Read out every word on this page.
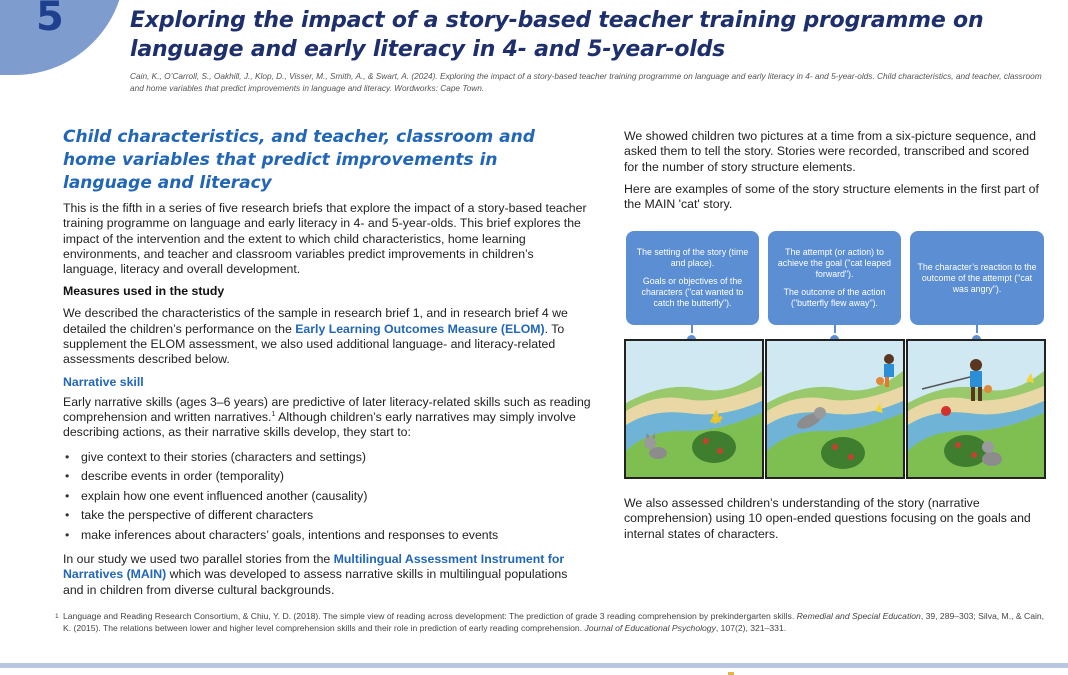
5	Exploring the impact of a story-based teacher training programme on language and early literacy in 4- and 5-year-olds

Cain, K., O’Carroll, S., Oakhill, J., Klop, D., Visser, M., Smith, A., & Swart, A. (2024). Exploring the impact of a story-based teacher training programme on language and early literacy in 4- and 5-year-olds. Child characteristics, and teacher, classroom and home variables that predict improvements in language and literacy. Wordworks: Cape Town.

Child characteristics, and teacher, classroom and home variables that predict improvements in language and literacy

This is the fifth in a series of five research briefs that explore the impact of a story-based teacher training programme on language and early literacy in 4- and 5-year-olds. This brief explores the impact of the intervention and the extent to which child characteristics, home learning environments, and teacher and classroom variables predict improvements in children’s language, literacy and overall development.

Measures used in the study

We described the characteristics of the sample in research brief 1, and in research brief 4 we detailed the children’s performance on the Early Learning Outcomes Measure (ELOM). To supplement the ELOM assessment, we also used additional language- and literacy-related assessments described below.

Narrative skill

Early narrative skills (ages 3–6 years) are predictive of later literacy-related skills such as reading comprehension and written narratives.$^1$ Although children’s early narratives may simply involve describing actions, as their narrative skills develop, they start to:

• give context to their stories (characters and settings)
• describe events in order (temporality)
• explain how one event influenced another (causality)
• take the perspective of different characters
• make inferences about characters’ goals, intentions and responses to events

In our study we used two parallel stories from the Multilingual Assessment Instrument for Narratives (MAIN) which was developed to assess narrative skills in multilingual populations and in children from diverse cultural backgrounds.

We showed children two pictures at a time from a six-picture sequence, and asked them to tell the story. Stories were recorded, transcribed and scored for the number of story structure elements.

Here are examples of some of the story structure elements in the first part of the MAIN 'cat' story.

The setting of the story (time and place).
Goals or objectives of the characters ("cat wanted to catch the butterfly").
The attempt (or action) to achieve the goal ("cat leaped forward").
The outcome of the action ("butterfly flew away").
The character’s reaction to the outcome of the attempt ("cat was angry").

We also assessed children’s understanding of the story (narrative comprehension) using 10 open-ended questions focusing on the goals and internal states of characters.

1 Language and Reading Research Consortium, & Chiu, Y. D. (2018). The simple view of reading across development: The prediction of grade 3 reading comprehension by prekindergarten skills. Remedial and Special Education, 39, 289–303; Silva, M., & Cain, K. (2015). The relations between lower and higher level comprehension skills and their role in prediction of early reading comprehension. Journal of Educational Psychology, 107(2), 321–331.
